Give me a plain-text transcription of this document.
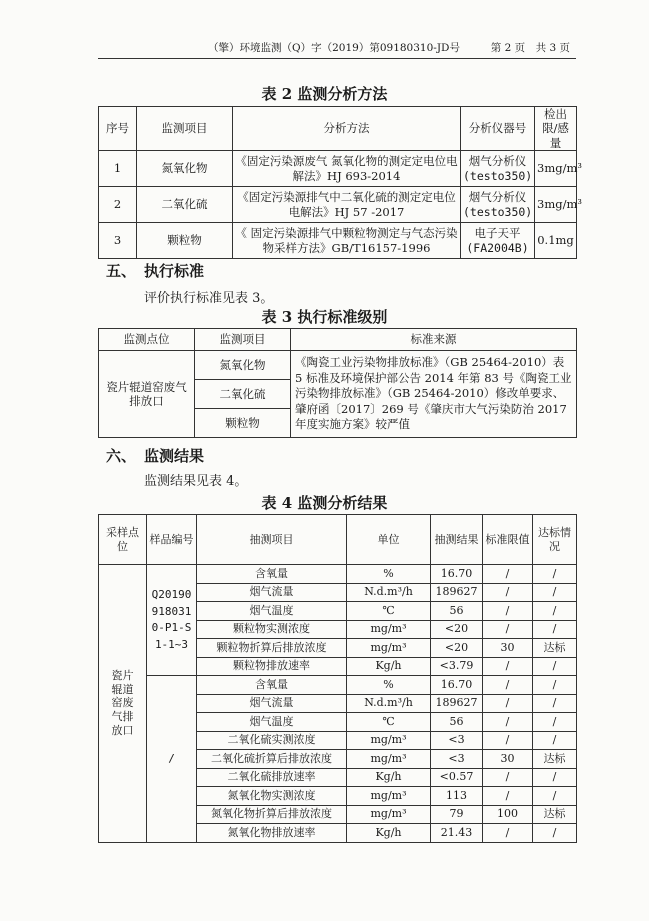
（擎）环境监测（Q）字（2019）第09180310-JD号	第 2 页　共 3 页
表 2 监测分析方法
序号	监测项目	分析方法	分析仪器号	检出限/感量
1	氮氧化物	《固定污染源废气 氮氧化物的测定定电位电解法》HJ 693-2014	烟气分析仪(testo350)	3mg/m³
2	二氧化硫	《固定污染源排气中二氧化硫的测定定电位电解法》HJ 57 -2017	烟气分析仪(testo350)	3mg/m³
3	颗粒物	《 固定污染源排气中颗粒物测定与气态污染物采样方法》GB/T16157-1996	电子天平(FA2004B)	0.1mg
五、 执行标准
评价执行标准见表 3。
表 3 执行标准级别
监测点位	监测项目	标准来源
瓷片辊道窑废气排放口	氮氧化物	《陶瓷工业污染物排放标准》（GB 25464-2010）表 5 标准及环境保护部公告 2014 年第 83 号《陶瓷工业污染物排放标准》（GB 25464-2010）修改单要求、肇府函〔2017〕269 号《肇庆市大气污染防治 2017 年度实施方案》较严值
	二氧化硫	
	颗粒物	
六、 监测结果
监测结果见表 4。
表 4 监测分析结果
采样点位	样品编号	抽测项目	单位	抽测结果	标准限值	达标情况
瓷片辊道窑废气排放口	Q201909180310-P1-S1-1~3	含氧量	%	16.70	/	/
		烟气流量	N.d.m³/h	189627	/	/
		烟气温度	℃	56	/	/
		颗粒物实测浓度	mg/m³	<20	/	/
		颗粒物折算后排放浓度	mg/m³	<20	30	达标
		颗粒物排放速率	Kg/h	<3.79	/	/
	/	含氧量	%	16.70	/	/
		烟气流量	N.d.m³/h	189627	/	/
		烟气温度	℃	56	/	/
		二氧化硫实测浓度	mg/m³	<3	/	/
		二氧化硫折算后排放浓度	mg/m³	<3	30	达标
		二氧化硫排放速率	Kg/h	<0.57	/	/
		氮氧化物实测浓度	mg/m³	113	/	/
		氮氧化物折算后排放浓度	mg/m³	79	100	达标
		氮氧化物排放速率	Kg/h	21.43	/	/
